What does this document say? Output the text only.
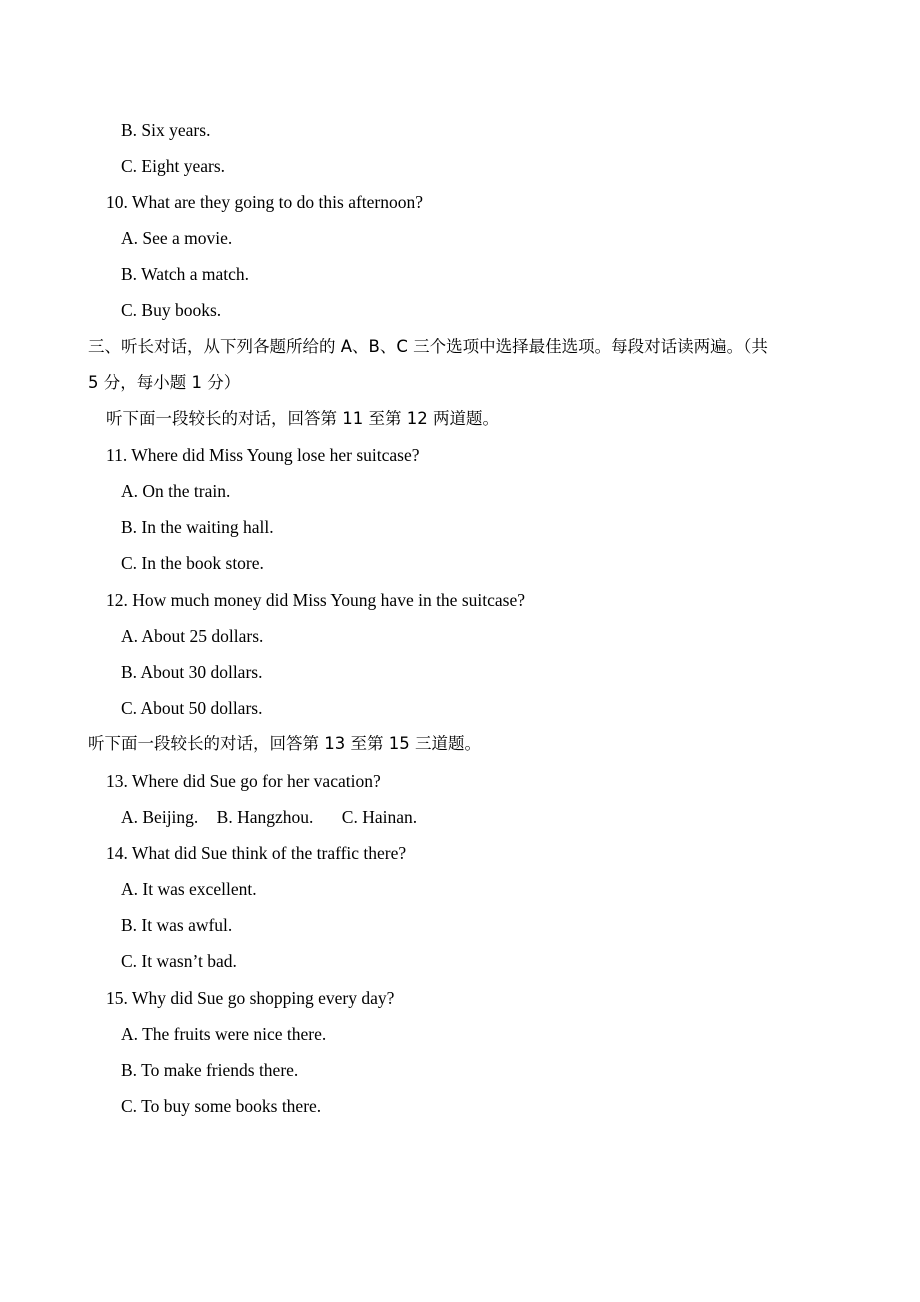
B. Six years.
C. Eight years.
10. What are they going to do this afternoon?
A. See a movie.
B. Watch a match.
C. Buy books.
三、听长对话，从下列各题所给的 A、B、C 三个选项中选择最佳选项。每段对话读两遍。（共
5 分，每小题 1 分）
听下面一段较长的对话，回答第 11 至第 12 两道题。
11. Where did Miss Young lose her suitcase?
A. On the train.
B. In the waiting hall.
C. In the book store.
12. How much money did Miss Young have in the suitcase?
A. About 25 dollars.
B. About 30 dollars.
C. About 50 dollars.
听下面一段较长的对话，回答第 13 至第 15 三道题。
13. Where did Sue go for her vacation?
A. Beijing. B. Hangzhou. C. Hainan.
14. What did Sue think of the traffic there?
A. It was excellent.
B. It was awful.
C. It wasn’t bad.
15. Why did Sue go shopping every day?
A. The fruits were nice there.
B. To make friends there.
C. To buy some books there.
